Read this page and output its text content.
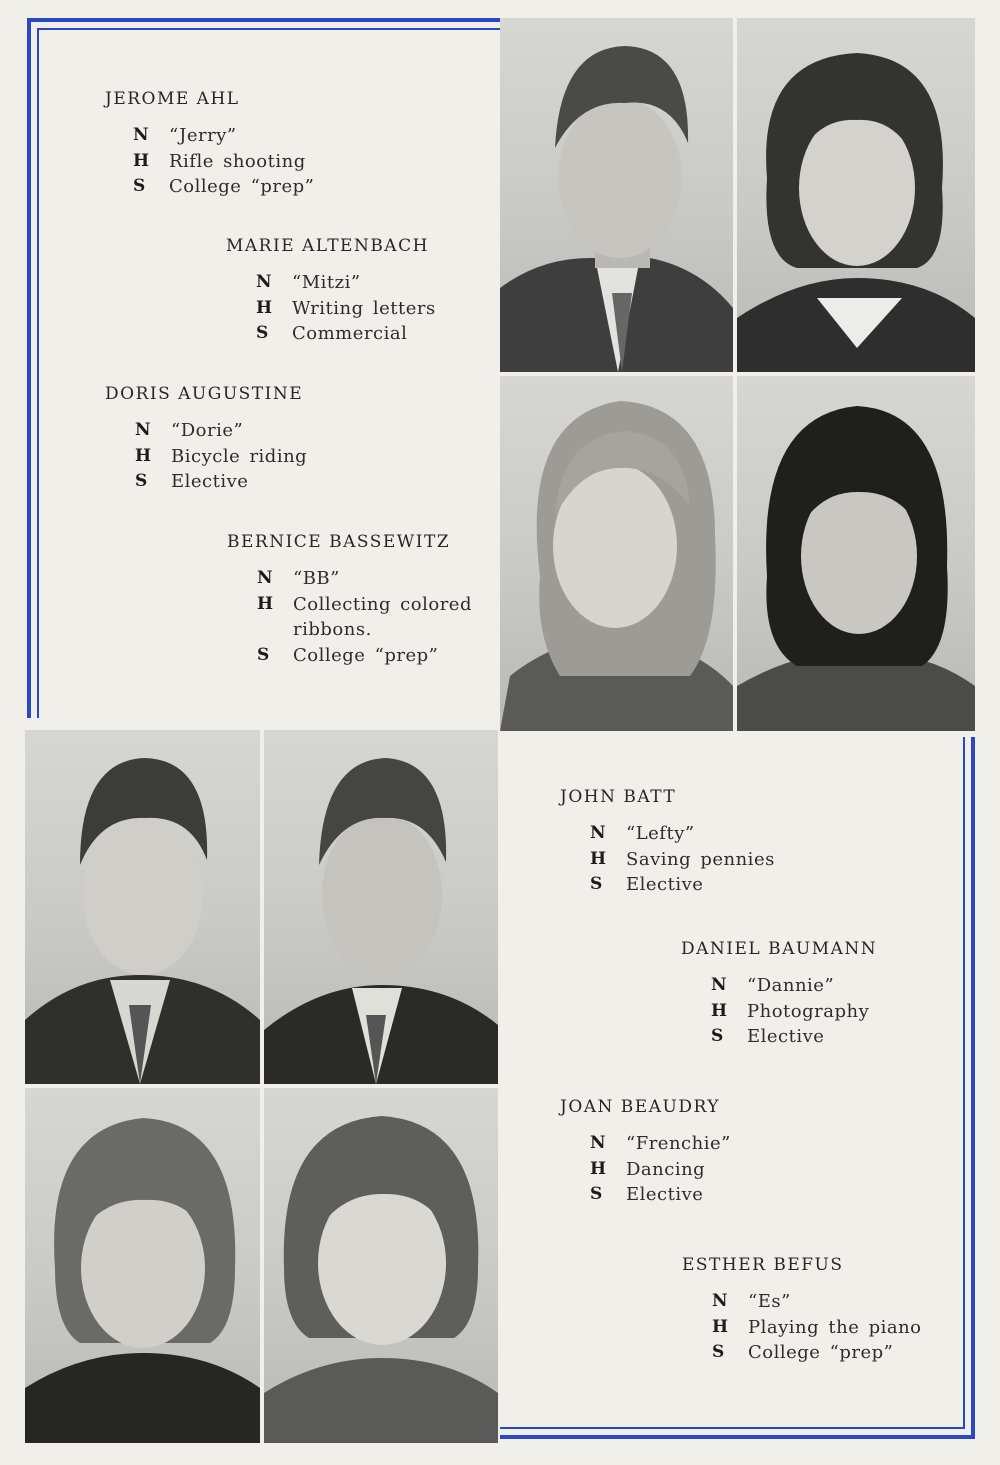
JEROME AHL
N “Jerry”
H Rifle shooting
S College “prep”
MARIE ALTENBACH
N “Mitzi”
H Writing letters
S Commercial
DORIS AUGUSTINE
N “Dorie”
H Bicycle riding
S Elective
BERNICE BASSEWITZ
N “BB”
H Collecting colored ribbons.
S College “prep”
JOHN BATT
N “Lefty”
H Saving pennies
S Elective
DANIEL BAUMANN
N “Dannie”
H Photography
S Elective
JOAN BEAUDRY
N “Frenchie”
H Dancing
S Elective
ESTHER BEFUS
N “Es”
H Playing the piano
S College “prep”
